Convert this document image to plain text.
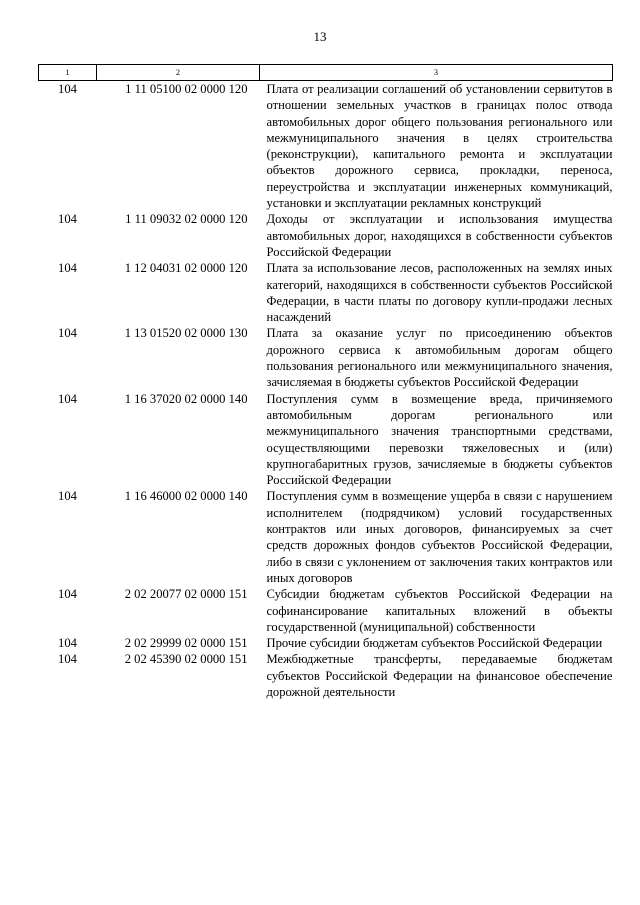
13
1	2	3
104	1 11 05100 02 0000 120	Плата от реализации соглашений об установлении сервитутов в отношении земельных участков в границах полос отвода автомобильных дорог общего пользования регионального или межмуниципального значения в целях строительства (реконструкции), капитального ремонта и эксплуатации объектов дорожного сервиса, прокладки, переноса, переустройства и эксплуатации инженерных коммуникаций, установки и эксплуатации рекламных конструкций
104	1 11 09032 02 0000 120	Доходы от эксплуатации и использования имущества автомобильных дорог, находящихся в собственности субъектов Российской Федерации
104	1 12 04031 02 0000 120	Плата за использование лесов, расположенных на землях иных категорий, находящихся в собственности субъектов Российской Федерации, в части платы по договору купли-продажи лесных насаждений
104	1 13 01520 02 0000 130	Плата за оказание услуг по присоединению объектов дорожного сервиса к автомобильным дорогам общего пользования регионального или межмуниципального значения, зачисляемая в бюджеты субъектов Российской Федерации
104	1 16 37020 02 0000 140	Поступления сумм в возмещение вреда, причиняемого автомобильным дорогам регионального или межмуниципального значения транспортными средствами, осуществляющими перевозки тяжеловесных и (или) крупногабаритных грузов, зачисляемые в бюджеты субъектов Российской Федерации
104	1 16 46000 02 0000 140	Поступления сумм в возмещение ущерба в связи с нарушением исполнителем (подрядчиком) условий государственных контрактов или иных договоров, финансируемых за счет средств дорожных фондов субъектов Российской Федерации, либо в связи с уклонением от заключения таких контрактов или иных договоров
104	2 02 20077 02 0000 151	Субсидии бюджетам субъектов Российской Федерации на софинансирование капитальных вложений в объекты государственной (муниципальной) собственности
104	2 02 29999 02 0000 151	Прочие субсидии бюджетам субъектов Российской Федерации
104	2 02 45390 02 0000 151	Межбюджетные трансферты, передаваемые бюджетам субъектов Российской Федерации на финансовое обеспечение дорожной деятельности
